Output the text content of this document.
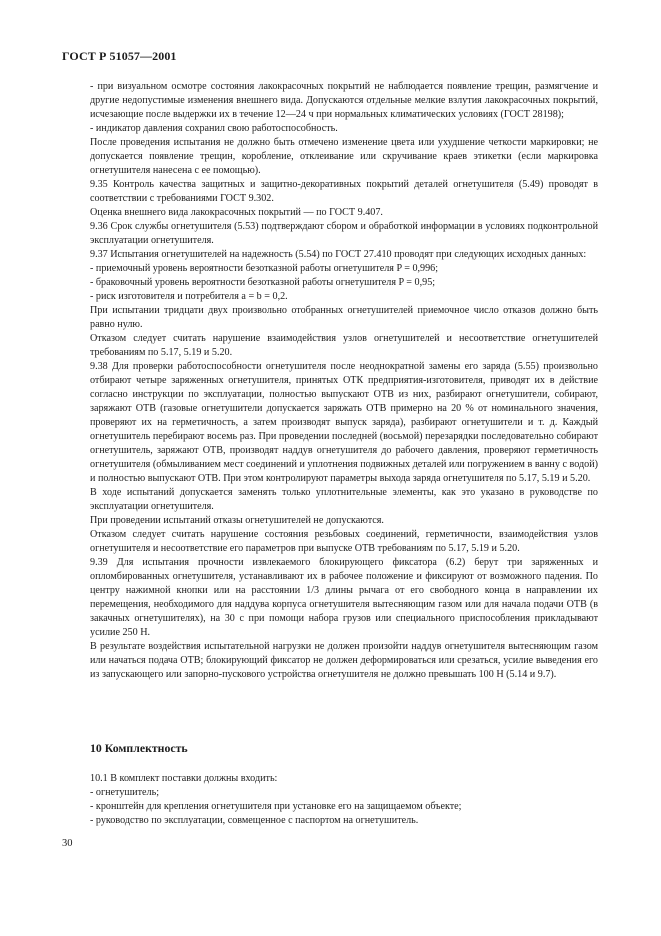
ГОСТ Р 51057—2001

- при визуальном осмотре состояния лакокрасочных покрытий не наблюдается появление трещин, размягчение и другие недопустимые изменения внешнего вида. Допускаются отдельные мелкие взлутия лакокрасочных покрытий, исчезающие после выдержки их в течение 12—24 ч при нормальных климатических условиях (ГОСТ 28198);

- индикатор давления сохранил свою работоспособность.

После проведения испытания не должно быть отмечено изменение цвета или ухудшение четкости маркировки; не допускается появление трещин, коробление, отклеивание или скручивание краев этикетки (если маркировка огнетушителя нанесена с ее помощью).

9.35 Контроль качества защитных и защитно-декоративных покрытий деталей огнетушителя (5.49) проводят в соответствии с требованиями ГОСТ 9.302.

Оценка внешнего вида лакокрасочных покрытий — по ГОСТ 9.407.

9.36 Срок службы огнетушителя (5.53) подтверждают сбором и обработкой информации в условиях подконтрольной эксплуатации огнетушителя.

9.37 Испытания огнетушителей на надежность (5.54) по ГОСТ 27.410 проводят при следующих исходных данных:

- приемочный уровень вероятности безотказной работы огнетушителя P = 0,996;

- браковочный уровень вероятности безотказной работы огнетушителя P = 0,95;

- риск изготовителя и потребителя a = b = 0,2.

При испытании тридцати двух произвольно отобранных огнетушителей приемочное число отказов должно быть равно нулю.

Отказом следует считать нарушение взаимодействия узлов огнетушителей и несоответствие огнетушителей требованиям по 5.17, 5.19 и 5.20.

9.38 Для проверки работоспособности огнетушителя после неоднократной замены его заряда (5.55) произвольно отбирают четыре заряженных огнетушителя, принятых ОТК предприятия-изготовителя, приводят их в действие согласно инструкции по эксплуатации, полностью выпускают ОТВ из них, разбирают огнетушители, собирают, заряжают ОТВ (газовые огнетушители допускается заряжать ОТВ примерно на 20 % от номинального значения, проверяют их на герметичность, а затем производят выпуск заряда), разбирают огнетушители и т. д. Каждый огнетушитель перебирают восемь раз. При проведении последней (восьмой) перезарядки последовательно собирают огнетушитель, заряжают ОТВ, производят наддув огнетушителя до рабочего давления, проверяют герметичность огнетушителя (обмыливанием мест соединений и уплотнения подвижных деталей или погружением в ванну с водой) и полностью выпускают ОТВ. При этом контролируют параметры выхода заряда огнетушителя по 5.17, 5.19 и 5.20.

В ходе испытаний допускается заменять только уплотнительные элементы, как это указано в руководстве по эксплуатации огнетушителя.

При проведении испытаний отказы огнетушителей не допускаются.

Отказом следует считать нарушение состояния резьбовых соединений, герметичности, взаимодействия узлов огнетушителя и несоответствие его параметров при выпуске ОТВ требованиям по 5.17, 5.19 и 5.20.

9.39 Для испытания прочности извлекаемого блокирующего фиксатора (6.2) берут три заряженных и опломбированных огнетушителя, устанавливают их в рабочее положение и фиксируют от возможного падения. По центру нажимной кнопки или на расстоянии 1/3 длины рычага от его свободного конца в направлении их перемещения, необходимого для наддува корпуса огнетушителя вытесняющим газом или для начала подачи ОТВ (в закачных огнетушителях), на 30 с при помощи набора грузов или специального приспособления прикладывают усилие 250 Н.

В результате воздействия испытательной нагрузки не должен произойти наддув огнетушителя вытесняющим газом или начаться подача ОТВ; блокирующий фиксатор не должен деформироваться или срезаться, усилие выведения его из запускающего или запорно-пускового устройства огнетушителя не должно превышать 100 Н (5.14 и 9.7).

10 Комплектность

10.1 В комплект поставки должны входить:

- огнетушитель;

- кронштейн для крепления огнетушителя при установке его на защищаемом объекте;

- руководство по эксплуатации, совмещенное с паспортом на огнетушитель.

30
